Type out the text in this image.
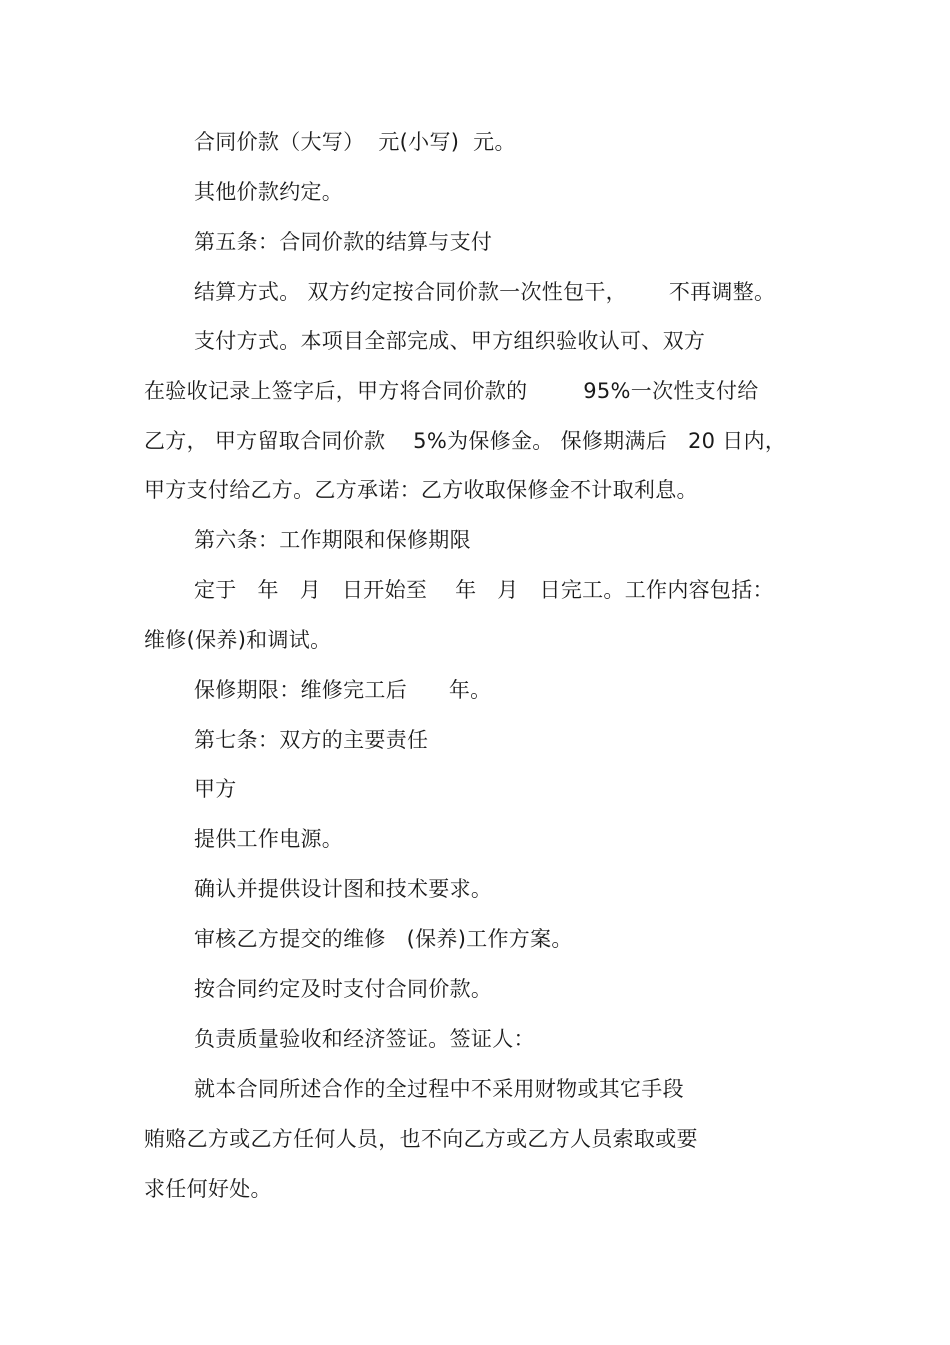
合同价款（大写）  元(小写)  元。
其他价款约定。
第五条：合同价款的结算与支付
结算方式。 双方约定按合同价款一次性包干，      不再调整。
支付方式。本项目全部完成、甲方组织验收认可、双方
在验收记录上签字后，甲方将合同价款的        95%一次性支付给
乙方， 甲方留取合同价款    5%为保修金。 保修期满后   20 日内，
甲方支付给乙方。乙方承诺：乙方收取保修金不计取利息。
第六条：工作期限和保修期限
定于   年   月   日开始至    年   月   日完工。工作内容包括：
维修(保养)和调试。
保修期限：维修完工后      年。
第七条：双方的主要责任
甲方
提供工作电源。
确认并提供设计图和技术要求。
审核乙方提交的维修   (保养)工作方案。
按合同约定及时支付合同价款。
负责质量验收和经济签证。签证人：
就本合同所述合作的全过程中不采用财物或其它手段
贿赂乙方或乙方任何人员，也不向乙方或乙方人员索取或要
求任何好处。
